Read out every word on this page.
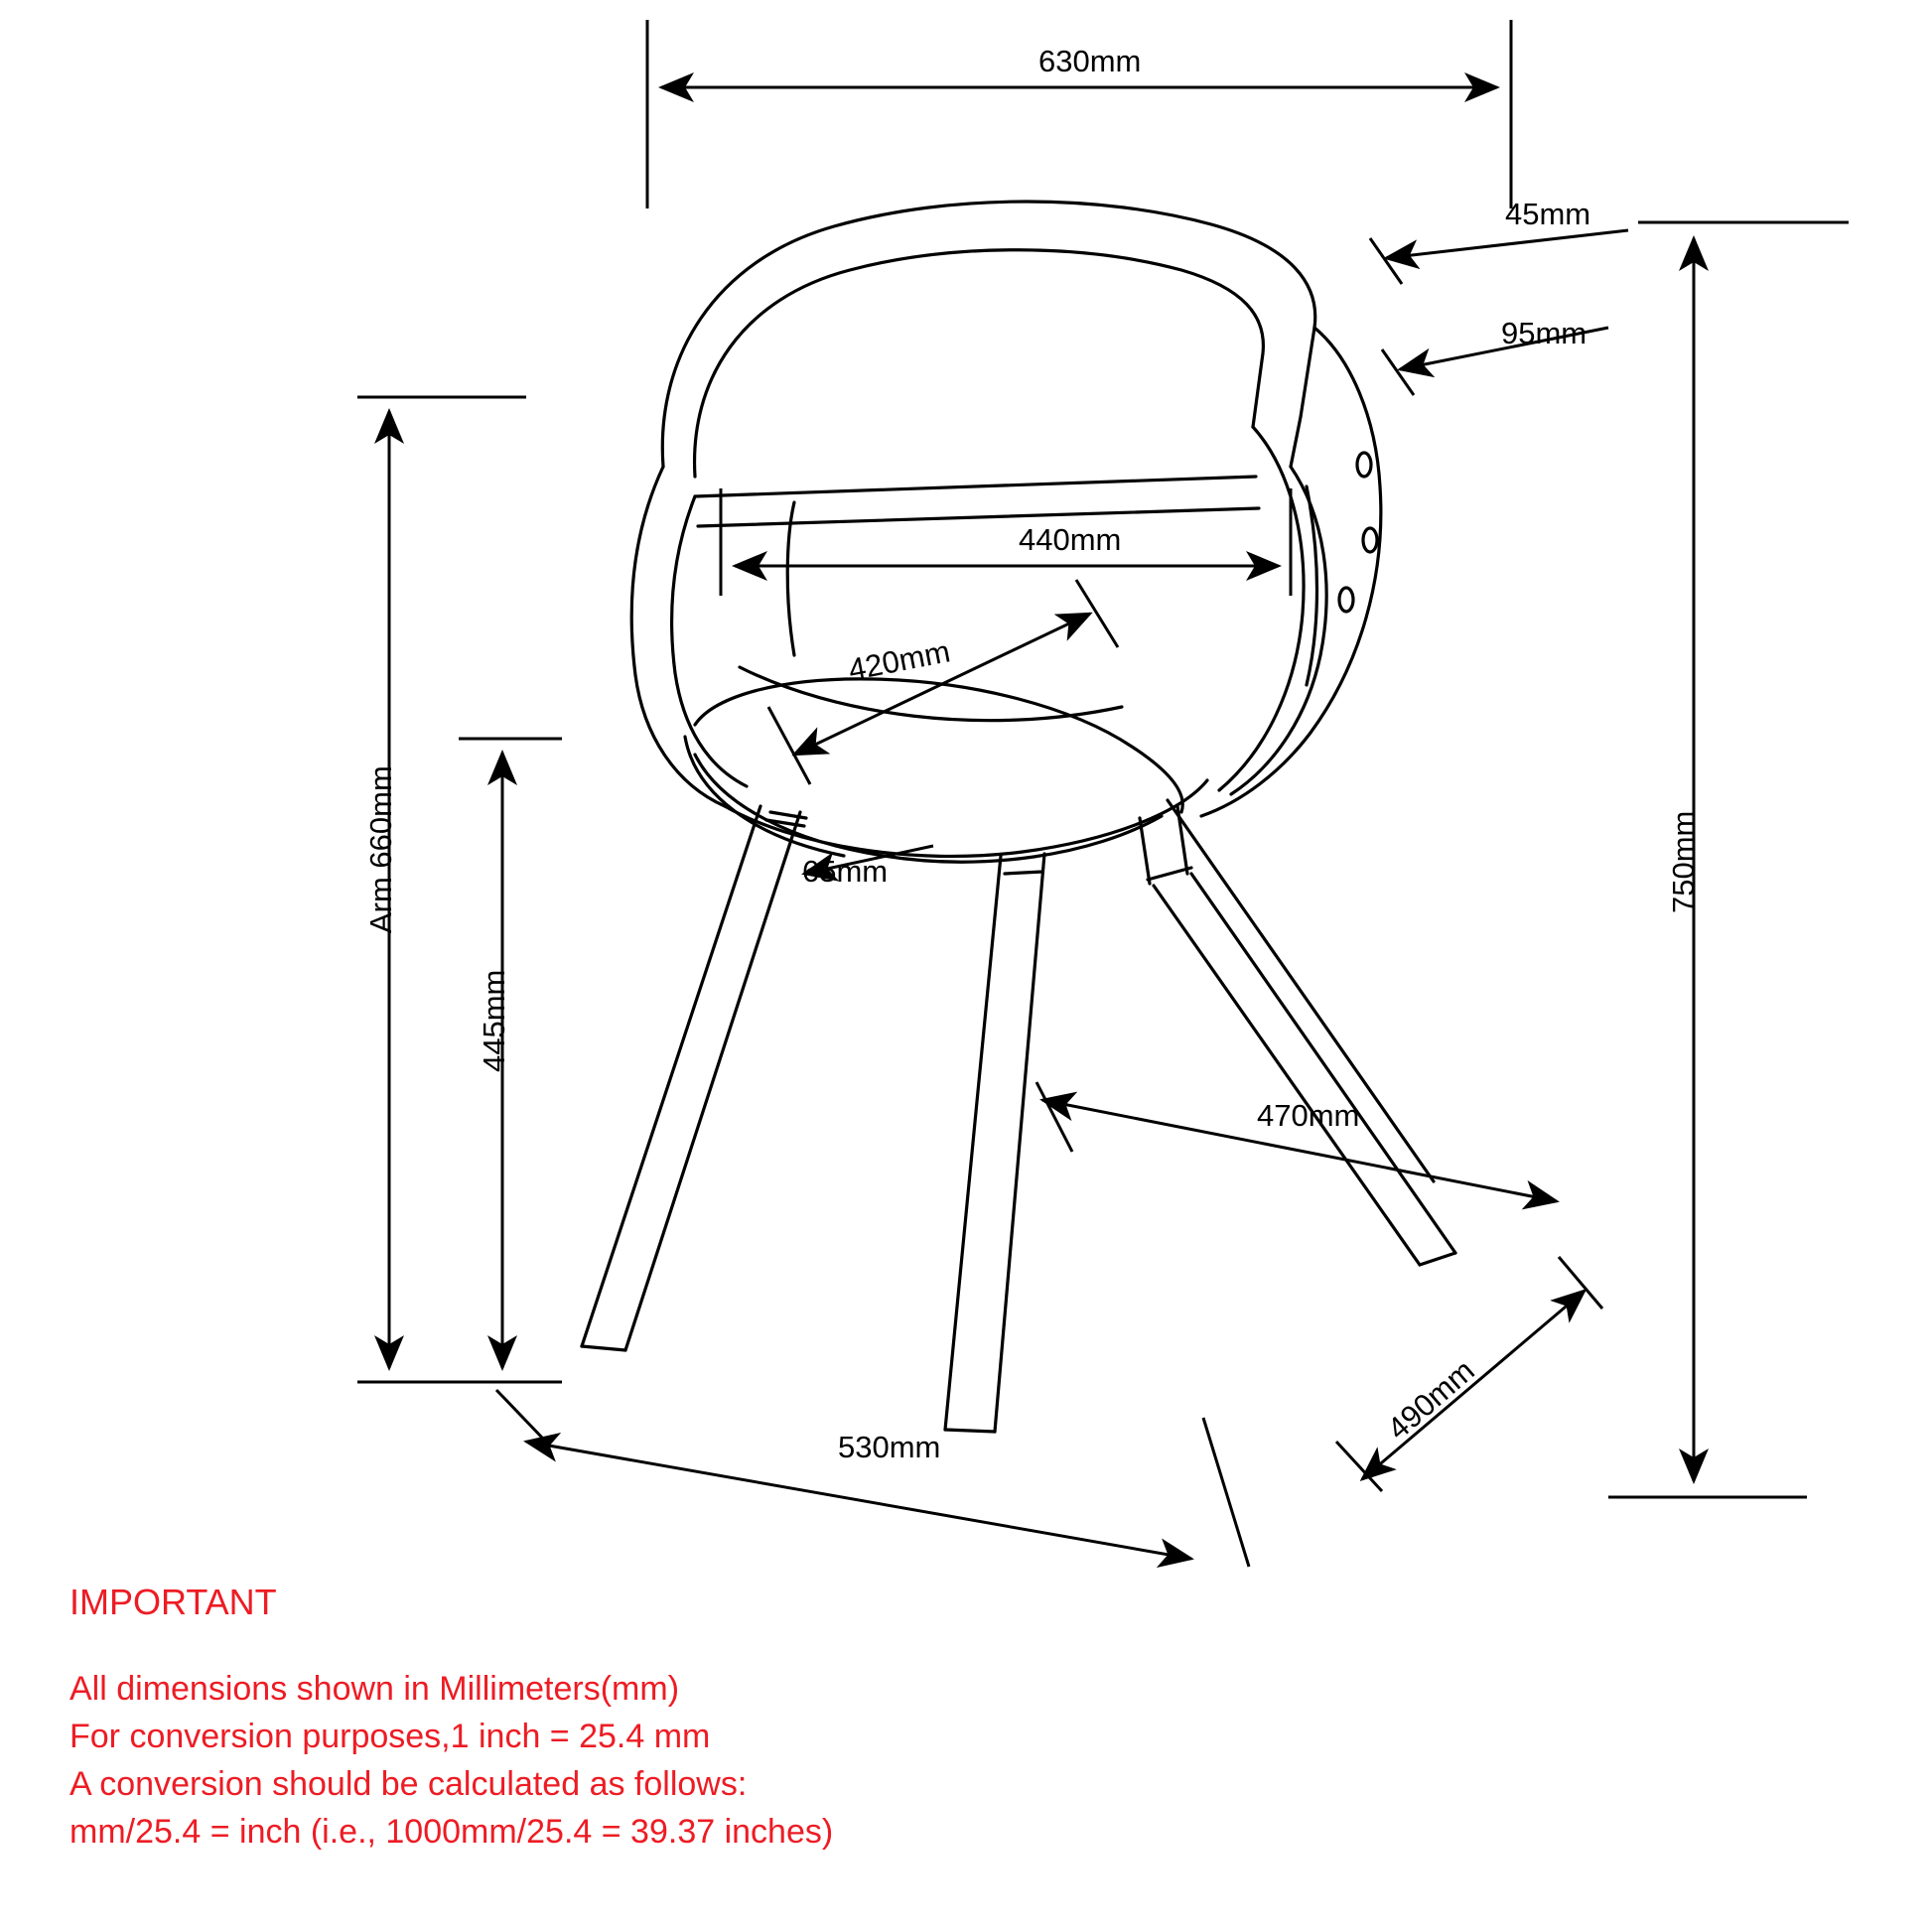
630mm
45mm
95mm
440mm
420mm
65mm	750mm
Arm 660mm
445mm
530mm
470mm
490mm
IMPORTANT
All dimensions shown in Millimeters(mm)
For conversion purposes,1 inch = 25.4 mm
A conversion should be calculated as follows:
mm/25.4 = inch (i.e., 1000mm/25.4 = 39.37 inches)
